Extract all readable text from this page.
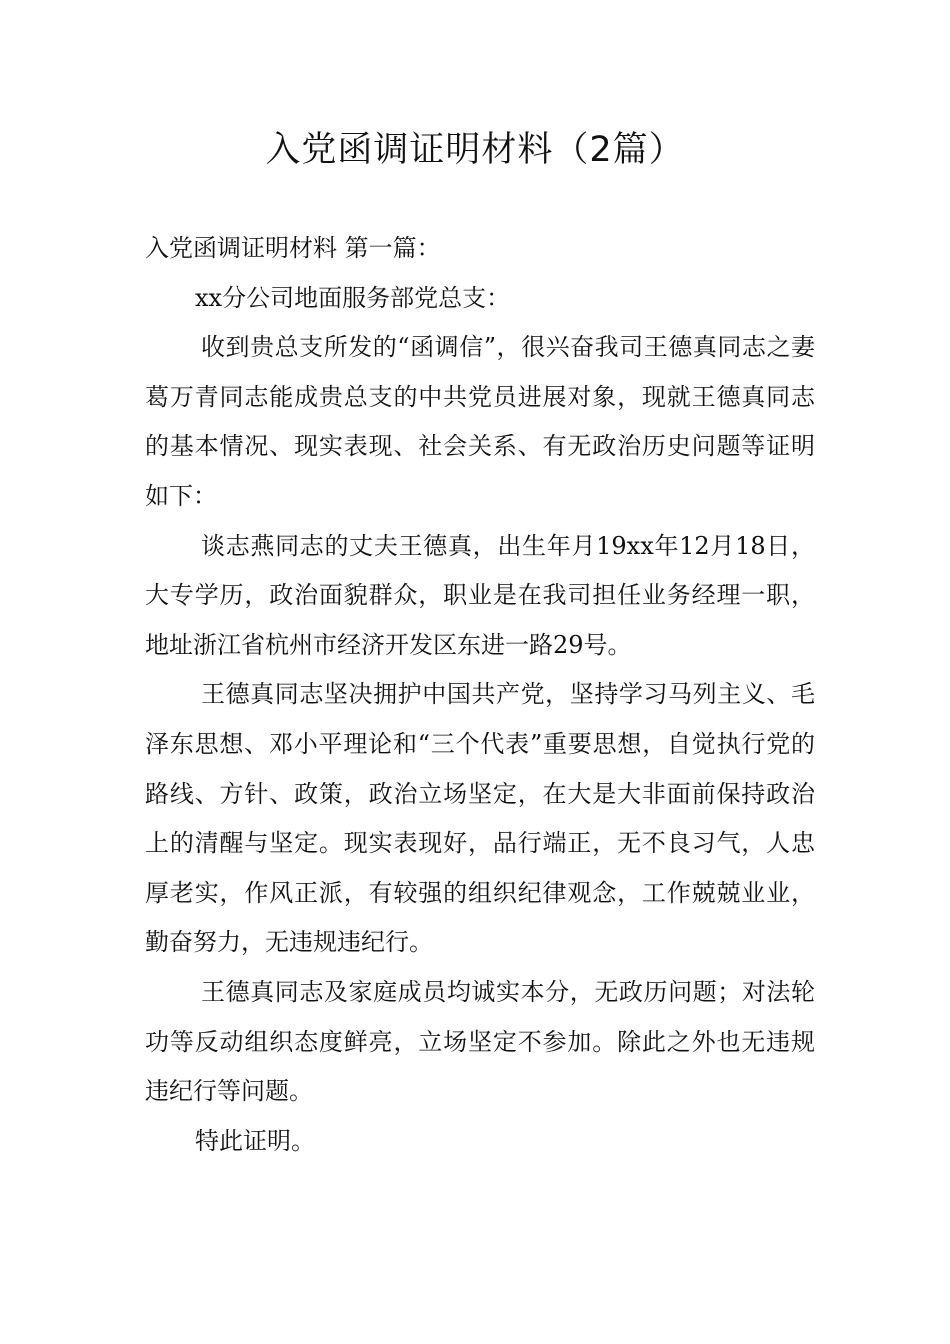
入党函调证明材料（2篇）

入党函调证明材料 第一篇：

xx分公司地面服务部党总支：

收到贵总支所发的“函调信”，很兴奋我司王德真同志之妻葛万青同志能成贵总支的中共党员进展对象，现就王德真同志的基本情况、现实表现、社会关系、有无政治历史问题等证明如下：

谈志燕同志的丈夫王德真，出生年月19xx年12月18日，大专学历，政治面貌群众，职业是在我司担任业务经理一职，地址浙江省杭州市经济开发区东进一路29号。

王德真同志坚决拥护中国共产党，坚持学习马列主义、毛泽东思想、邓小平理论和“三个代表”重要思想，自觉执行党的路线、方针、政策，政治立场坚定，在大是大非面前保持政治上的清醒与坚定。现实表现好，品行端正，无不良习气，人忠厚老实，作风正派，有较强的组织纪律观念，工作兢兢业业，勤奋努力，无违规违纪行。

王德真同志及家庭成员均诚实本分，无政历问题；对法轮功等反动组织态度鲜亮，立场坚定不参加。除此之外也无违规违纪行等问题。

特此证明。
